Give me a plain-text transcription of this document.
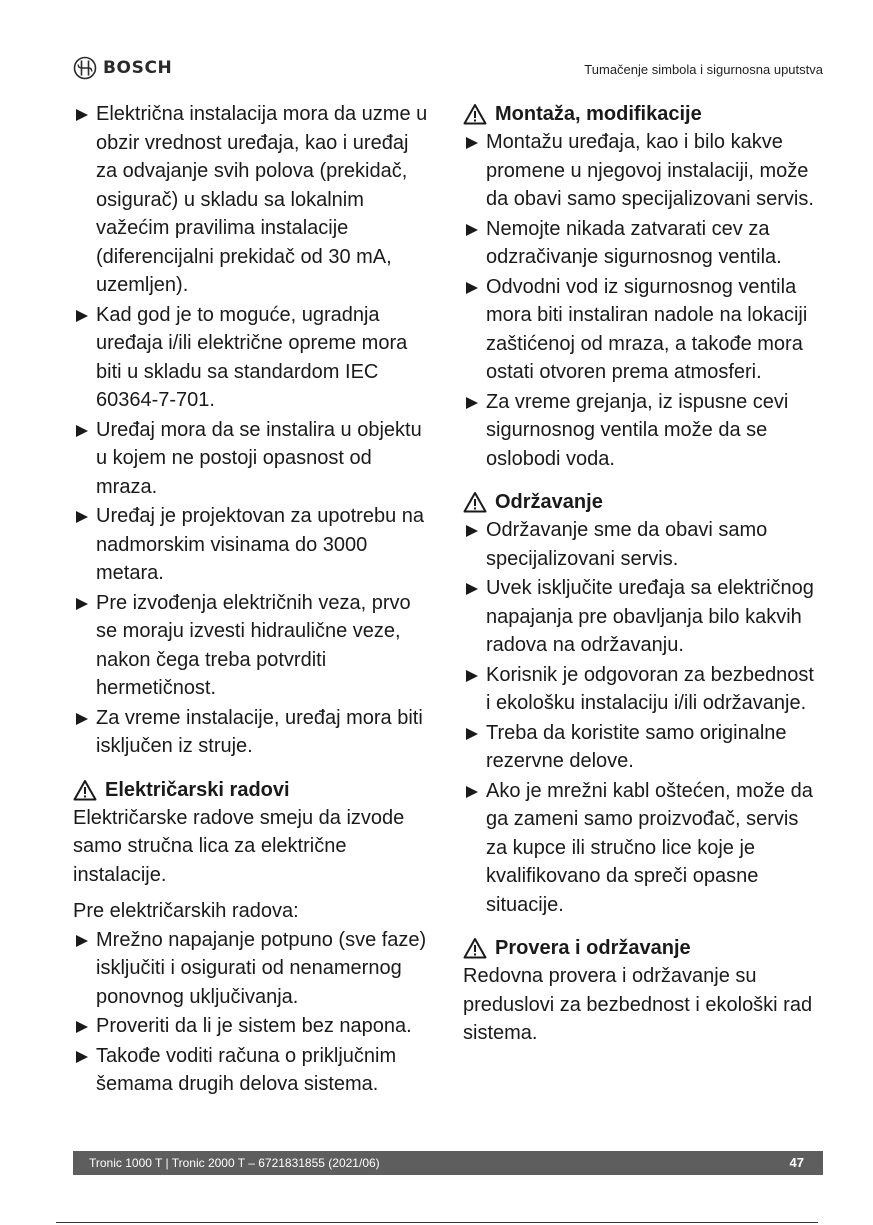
BOSCH	Tumačenje simbola i sigurnosna uputstva
Električna instalacija mora da uzme u obzir vrednost uređaja, kao i uređaj za odvajanje svih polova (prekidač, osigurač) u skladu sa lokalnim važećim pravilima instalacije (diferencijalni prekidač od 30 mA, uzemljen).
Kad god je to moguće, ugradnja uređaja i/ili električne opreme mora biti u skladu sa standardom IEC 60364-7-701.
Uređaj mora da se instalira u objektu u kojem ne postoji opasnost od mraza.
Uređaj je projektovan za upotrebu na nadmorskim visinama do 3000 metara.
Pre izvođenja električnih veza, prvo se moraju izvesti hidraulične veze, nakon čega treba potvrditi hermetičnost.
Za vreme instalacije, uređaj mora biti isključen iz struje.
Električarski radovi

Električarske radove smeju da izvode samo stručna lica za električne instalacije.

Pre električarskih radova:

Mrežno napajanje potpuno (sve faze) isključiti i osigurati od nenamernog ponovnog uključivanja.
Proveriti da li je sistem bez napona.
Takođe voditi računa o priključnim šemama drugih delova sistema.
Montaža, modifikacije
Montažu uređaja, kao i bilo kakve promene u njegovoj instalaciji, može da obavi samo specijalizovani servis.
Nemojte nikada zatvarati cev za odzračivanje sigurnosnog ventila.
Odvodni vod iz sigurnosnog ventila mora biti instaliran nadole na lokaciji zaštićenoj od mraza, a takođe mora ostati otvoren prema atmosferi.
Za vreme grejanja, iz ispusne cevi sigurnosnog ventila može da se oslobodi voda.
Održavanje
Održavanje sme da obavi samo specijalizovani servis.
Uvek isključite uređaja sa električnog napajanja pre obavljanja bilo kakvih radova na održavanju.
Korisnik je odgovoran za bezbednost i ekološku instalaciju i/ili održavanje.
Treba da koristite samo originalne rezervne delove.
Ako je mrežni kabl oštećen, može da ga zameni samo proizvođač, servis za kupce ili stručno lice koje je kvalifikovano da spreči opasne situacije.
Provera i održavanje

Redovna provera i održavanje su preduslovi za bezbednost i ekološki rad sistema.

Tronic 1000 T | Tronic 2000 T – 6721831855 (2021/06)	47
